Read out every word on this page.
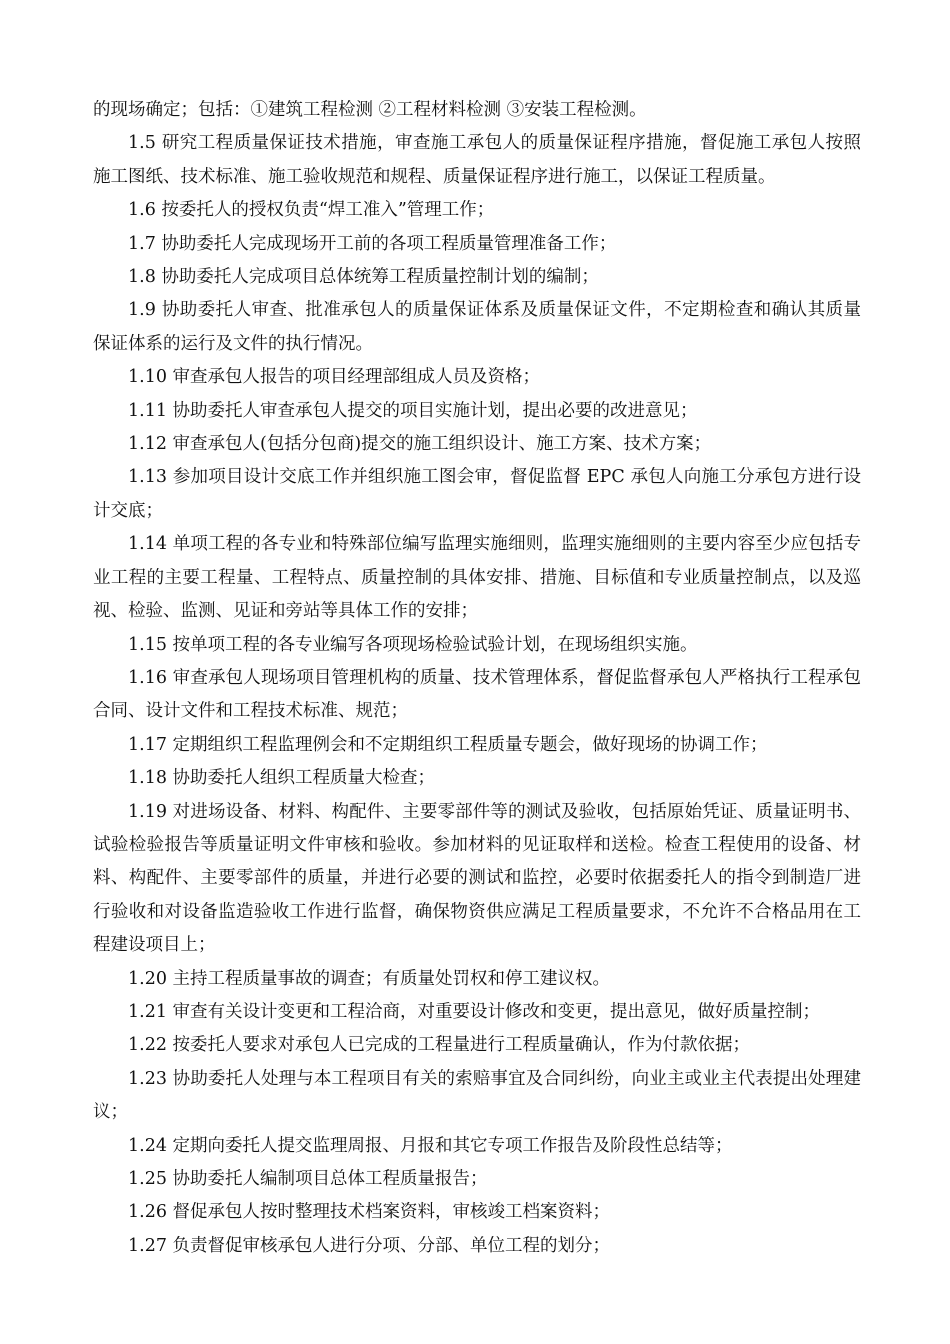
的现场确定；包括：①建筑工程检测 ②工程材料检测 ③安装工程检测。

1.5 研究工程质量保证技术措施，审查施工承包人的质量保证程序措施，督促施工承包人按照施工图纸、技术标准、施工验收规范和规程、质量保证程序进行施工，以保证工程质量。

1.6 按委托人的授权负责“焊工准入”管理工作；

1.7 协助委托人完成现场开工前的各项工程质量管理准备工作；

1.8 协助委托人完成项目总体统筹工程质量控制计划的编制；

1.9 协助委托人审查、批准承包人的质量保证体系及质量保证文件，不定期检查和确认其质量保证体系的运行及文件的执行情况。

1.10 审查承包人报告的项目经理部组成人员及资格；

1.11 协助委托人审查承包人提交的项目实施计划，提出必要的改进意见；

1.12 审查承包人(包括分包商)提交的施工组织设计、施工方案、技术方案；

1.13 参加项目设计交底工作并组织施工图会审，督促监督 EPC 承包人向施工分承包方进行设计交底；

1.14 单项工程的各专业和特殊部位编写监理实施细则，监理实施细则的主要内容至少应包括专业工程的主要工程量、工程特点、质量控制的具体安排、措施、目标值和专业质量控制点，以及巡视、检验、监测、见证和旁站等具体工作的安排；

1.15 按单项工程的各专业编写各项现场检验试验计划，在现场组织实施。

1.16 审查承包人现场项目管理机构的质量、技术管理体系，督促监督承包人严格执行工程承包合同、设计文件和工程技术标准、规范；

1.17 定期组织工程监理例会和不定期组织工程质量专题会，做好现场的协调工作；

1.18 协助委托人组织工程质量大检查；

1.19 对进场设备、材料、构配件、主要零部件等的测试及验收，包括原始凭证、质量证明书、试验检验报告等质量证明文件审核和验收。参加材料的见证取样和送检。检查工程使用的设备、材料、构配件、主要零部件的质量，并进行必要的测试和监控，必要时依据委托人的指令到制造厂进行验收和对设备监造验收工作进行监督，确保物资供应满足工程质量要求，不允许不合格品用在工程建设项目上；

1.20 主持工程质量事故的调查；有质量处罚权和停工建议权。

1.21 审查有关设计变更和工程洽商，对重要设计修改和变更，提出意见，做好质量控制；

1.22 按委托人要求对承包人已完成的工程量进行工程质量确认，作为付款依据；

1.23 协助委托人处理与本工程项目有关的索赔事宜及合同纠纷，向业主或业主代表提出处理建议；

1.24 定期向委托人提交监理周报、月报和其它专项工作报告及阶段性总结等；

1.25 协助委托人编制项目总体工程质量报告；

1.26 督促承包人按时整理技术档案资料，审核竣工档案资料；

1.27 负责督促审核承包人进行分项、分部、单位工程的划分；
